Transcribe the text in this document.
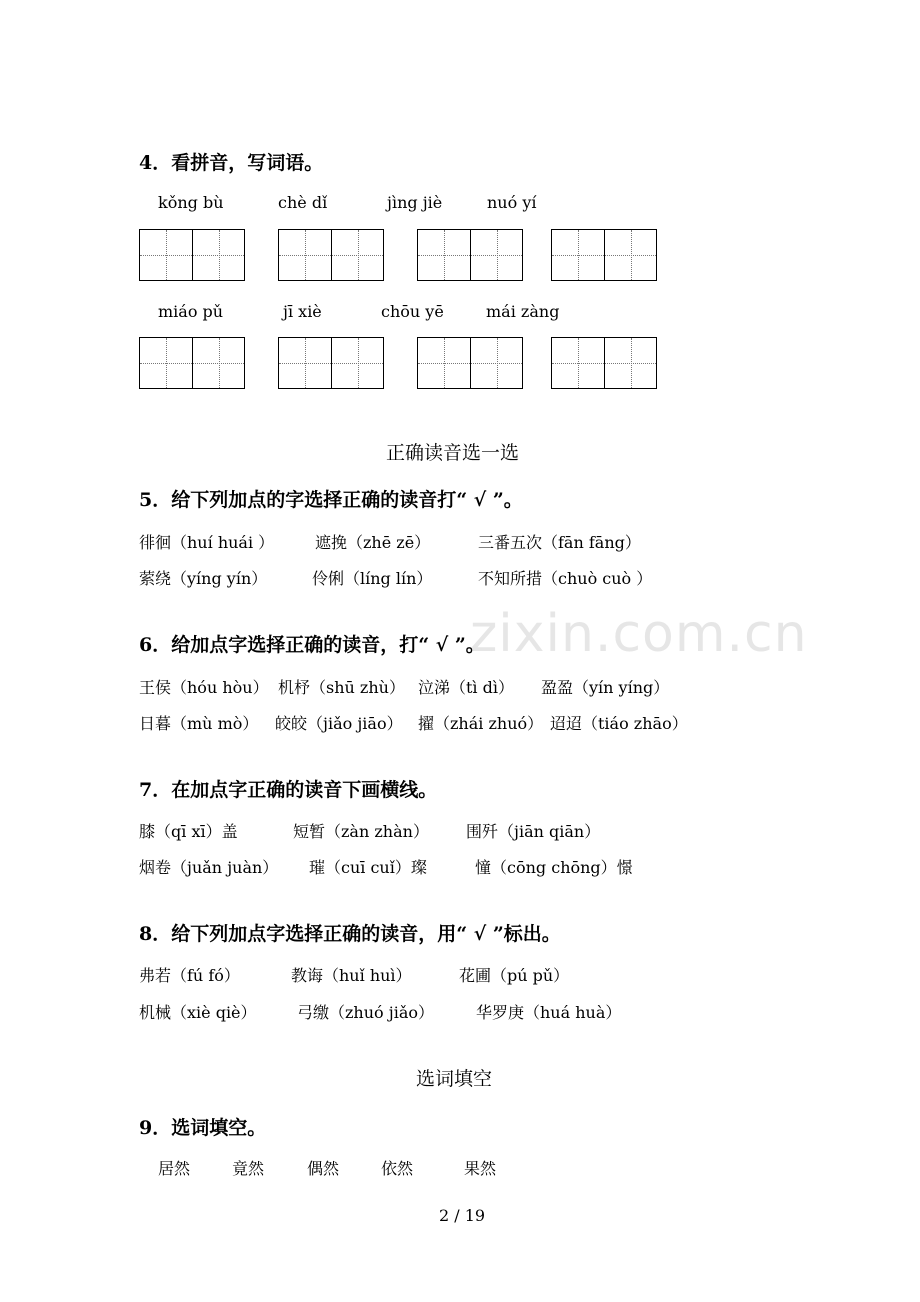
4．看拼音，写词语。
kǒng bù	chè dǐ	jìng jiè	nuó yí
miáo pǔ	jī xiè	chōu yē	mái zàng
正确读音选一选
5．给下列加点的字选择正确的读音打“ √ ”。
徘徊（huí huái ）	遮挽（zhē zē）	三番五次（fān fāng）
萦绕（yíng yín）	伶俐（líng lín）	不知所措（chuò cuò ）
zixin.com.cn
6．给加点字选择正确的读音，打“ √ ”。
王侯（hóu hòu） 机杼（shū zhù） 泣涕（tì dì） 盈盈（yín yíng）
日暮（mù mò） 皎皎（jiǎo jiāo） 擢（zhái zhuó） 迢迢（tiáo zhāo）
7．在加点字正确的读音下画横线。
膝（qī xī）盖	短暂（zàn zhàn） 围歼（jiān qiān）
烟卷（juǎn juàn） 璀（cuī cuǐ）璨	憧（cōng chōng）憬
8．给下列加点字选择正确的读音，用“ √ ”标出。
弗若（fú fó）	教诲（huǐ huì）	花圃（pú pǔ）
机械（xiè qiè）	弓缴（zhuó jiǎo）	华罗庚（huá huà）
选词填空
9．选词填空。
居然	竟然	偶然	依然	果然
2 / 19
